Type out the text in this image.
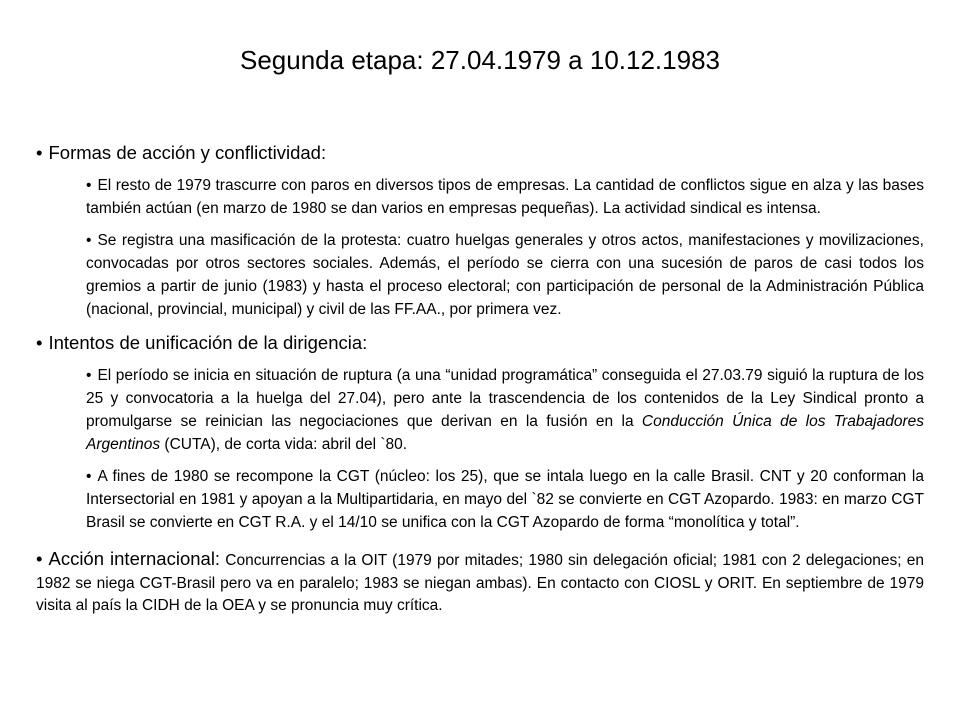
Segunda etapa: 27.04.1979 a 10.12.1983
• Formas de acción y conflictividad:
• El resto de 1979 trascurre con paros en diversos tipos de empresas. La cantidad de conflictos sigue en alza y las bases también actúan (en marzo de 1980 se dan varios en empresas pequeñas). La actividad sindical es intensa.
• Se registra una masificación de la protesta: cuatro huelgas generales y otros actos, manifestaciones y movilizaciones, convocadas por otros sectores sociales. Además, el período se cierra con una sucesión de paros de casi todos los gremios a partir de junio (1983) y hasta el proceso electoral; con participación de personal de la Administración Pública (nacional, provincial, municipal) y civil de las FF.AA., por primera vez.
• Intentos de unificación de la dirigencia:
• El período se inicia en situación de ruptura (a una “unidad programática” conseguida el 27.03.79 siguió la ruptura de los 25 y convocatoria a la huelga del 27.04), pero ante la trascendencia de los contenidos de la Ley Sindical pronto a promulgarse se reinician las negociaciones que derivan en la fusión en la Conducción Única de los Trabajadores Argentinos (CUTA), de corta vida: abril del `80.
• A fines de 1980 se recompone la CGT (núcleo: los 25), que se intala luego en la calle Brasil. CNT y 20 conforman la Intersectorial en 1981 y apoyan a la Multipartidaria, en mayo del `82 se convierte en CGT Azopardo. 1983: en marzo CGT Brasil se convierte en CGT R.A. y el 14/10 se unifica con la CGT Azopardo de forma “monolítica y total”.
• Acción internacional: Concurrencias a la OIT (1979 por mitades; 1980 sin delegación oficial; 1981 con 2 delegaciones; en 1982 se niega CGT-Brasil pero va en paralelo; 1983 se niegan ambas). En contacto con CIOSL y ORIT. En septiembre de 1979 visita al país la CIDH de la OEA y se pronuncia muy crítica.
